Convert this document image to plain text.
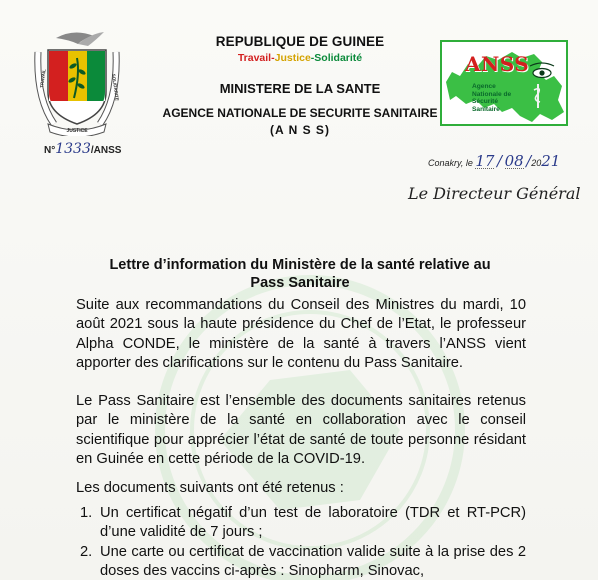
JUSTICE
TRAVAIL	SOLIDARITE
N°1333/ANSS
REPUBLIQUE DE GUINEE
Travail-Justice-Solidarité
MINISTERE DE LA SANTE
AGENCE NATIONALE DE SECURITE SANITAIRE
(A N S S)
ANSS
Agence
Nationale de
Sécurité
Sanitaire
Conakry, le 17 / 08 /2021
Le Directeur Général
Lettre d’information du Ministère de la santé relative au
Pass Sanitaire
Suite aux recommandations du Conseil des Ministres du mardi, 10 août 2021 sous la haute présidence du Chef de l’Etat, le professeur Alpha CONDE, le ministère de la santé à travers l’ANSS vient apporter des clarifications sur le contenu du Pass Sanitaire.
Le Pass Sanitaire est l’ensemble des documents sanitaires retenus par le ministère de la santé en collaboration avec le conseil scientifique pour apprécier l’état de santé de toute personne résidant en Guinée en cette période de la COVID-19.
Les documents suivants ont été retenus :
1. Un certificat négatif d’un test de laboratoire (TDR et RT-PCR) d’une validité de 7 jours ;
2. Une carte ou certificat de vaccination valide suite à la prise des 2 doses des vaccins ci-après : Sinopharm, Sinovac,
